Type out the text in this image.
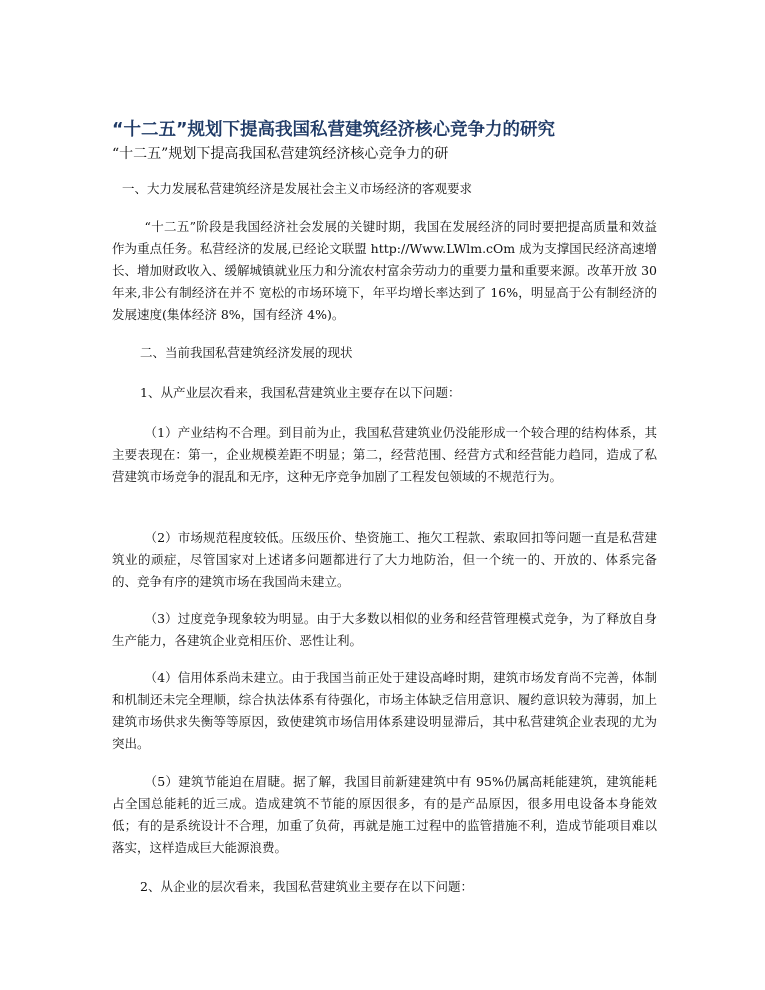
“十二五”规划下提高我国私营建筑经济核心竞争力的研究
“十二五”规划下提高我国私营建筑经济核心竞争力的研
一、大力发展私营建筑经济是发展社会主义市场经济的客观要求
“十二五”阶段是我国经济社会发展的关键时期，我国在发展经济的同时要把提高质量和效益作为重点任务。私营经济的发展,已经论文联盟 http://Www.LWlm.cOm 成为支撑国民经济高速增长、增加财政收入、缓解城镇就业压力和分流农村富余劳动力的重要力量和重要来源。改革开放 30 年来,非公有制经济在并不 宽松的市场环境下，年平均增长率达到了 16%，明显高于公有制经济的发展速度(集体经济 8%，国有经济 4%)。
二、当前我国私营建筑经济发展的现状
1、从产业层次看来，我国私营建筑业主要存在以下问题：
（1）产业结构不合理。到目前为止，我国私营建筑业仍没能形成一个较合理的结构体系，其主要表现在：第一，企业规模差距不明显；第二，经营范围、经营方式和经营能力趋同，造成了私营建筑市场竞争的混乱和无序，这种无序竞争加剧了工程发包领域的不规范行为。
（2）市场规范程度较低。压级压价、垫资施工、拖欠工程款、索取回扣等问题一直是私营建筑业的顽症，尽管国家对上述诸多问题都进行了大力地防治，但一个统一的、开放的、体系完备的、竞争有序的建筑市场在我国尚未建立。
（3）过度竞争现象较为明显。由于大多数以相似的业务和经营管理模式竞争，为了释放自身生产能力，各建筑企业竞相压价、恶性让利。
（4）信用体系尚未建立。由于我国当前正处于建设高峰时期，建筑市场发育尚不完善，体制和机制还未完全理顺，综合执法体系有待强化，市场主体缺乏信用意识、履约意识较为薄弱，加上建筑市场供求失衡等等原因，致使建筑市场信用体系建设明显滞后，其中私营建筑企业表现的尤为突出。
（5）建筑节能迫在眉睫。据了解，我国目前新建建筑中有 95%仍属高耗能建筑，建筑能耗占全国总能耗的近三成。造成建筑不节能的原因很多，有的是产品原因，很多用电设备本身能效低；有的是系统设计不合理，加重了负荷，再就是施工过程中的监管措施不利，造成节能项目难以落实，这样造成巨大能源浪费。
2、从企业的层次看来，我国私营建筑业主要存在以下问题：
